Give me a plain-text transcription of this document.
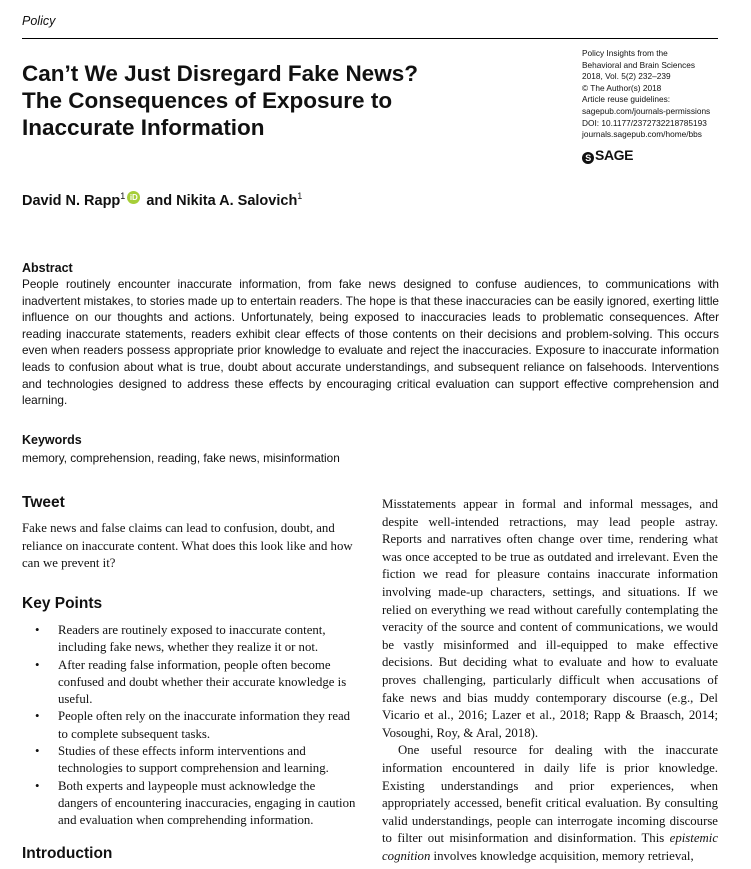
Policy
Can’t We Just Disregard Fake News?
The Consequences of Exposure to
Inaccurate Information
Policy Insights from the
Behavioral and Brain Sciences
2018, Vol. 5(2) 232–239
© The Author(s) 2018
Article reuse guidelines:
sagepub.com/journals-permissions
DOI: 10.1177/2372732218785193
journals.sagepub.com/home/bbs
S SAGE
David N. Rapp$^1$ iD and Nikita A. Salovich$^1$
Abstract
People routinely encounter inaccurate information, from fake news designed to confuse audiences, to communications with inadvertent mistakes, to stories made up to entertain readers. The hope is that these inaccuracies can be easily ignored, exerting little influence on our thoughts and actions. Unfortunately, being exposed to inaccuracies leads to problematic consequences. After reading inaccurate statements, readers exhibit clear effects of those contents on their decisions and problem-solving. This occurs even when readers possess appropriate prior knowledge to evaluate and reject the inaccuracies. Exposure to inaccurate information leads to confusion about what is true, doubt about accurate understandings, and subsequent reliance on falsehoods. Interventions and technologies designed to address these effects by encouraging critical evaluation can support effective comprehension and learning.
Keywords
memory, comprehension, reading, fake news, misinformation
Tweet
Fake news and false claims can lead to confusion, doubt, and reliance on inaccurate content. What does this look like and how can we prevent it?
Key Points
• Readers are routinely exposed to inaccurate content, including fake news, whether they realize it or not.
• After reading false information, people often become confused and doubt whether their accurate knowledge is useful.
• People often rely on the inaccurate information they read to complete subsequent tasks.
• Studies of these effects inform interventions and technologies to support comprehension and learning.
• Both experts and laypeople must acknowledge the dangers of encountering inaccuracies, engaging in caution and evaluation when comprehending information.
Introduction

Misstatements appear in formal and informal messages, and despite well-intended retractions, may lead people astray. Reports and narratives often change over time, rendering what was once accepted to be true as outdated and irrelevant. Even the fiction we read for pleasure contains inaccurate information involving made-up characters, settings, and situations. If we relied on everything we read without carefully contemplating the veracity of the source and content of communications, we would be vastly misinformed and ill-equipped to make effective decisions. But deciding what to evaluate and how to evaluate proves challenging, particularly difficult when accusations of fake news and bias muddy contemporary discourse (e.g., Del Vicario et al., 2016; Lazer et al., 2018; Rapp & Braasch, 2014; Vosoughi, Roy, & Aral, 2018).

One useful resource for dealing with the inaccurate information encountered in daily life is prior knowledge. Existing understandings and prior experiences, when appropriately accessed, benefit critical evaluation. By consulting valid understandings, people can interrogate incoming discourse to filter out misinformation and disinformation. This epistemic cognition involves knowledge acquisition, memory retrieval,
